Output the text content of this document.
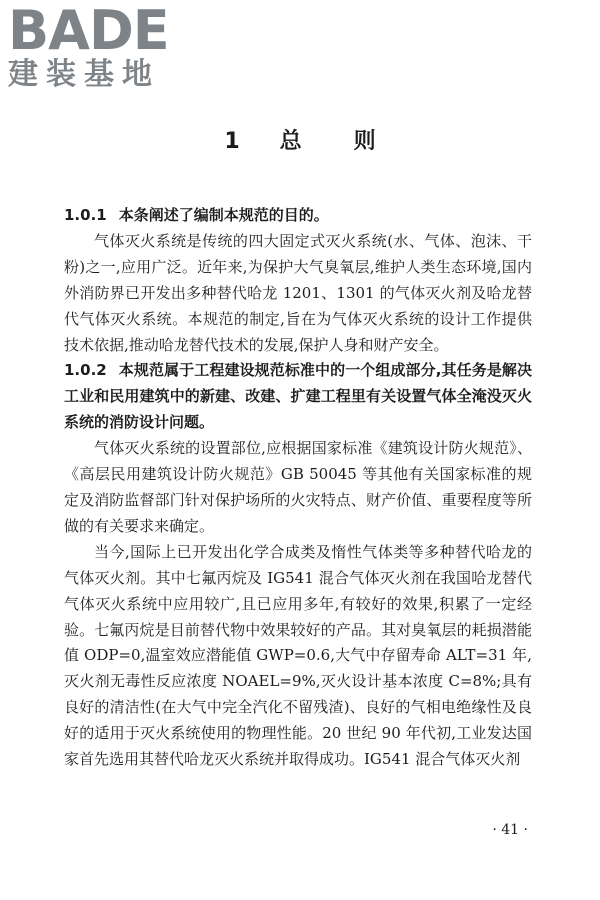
BADE
建装基地
1 总 则

1.0.1 本条阐述了编制本规范的目的。

气体灭火系统是传统的四大固定式灭火系统(水、气体、泡沫、干粉)之一,应用广泛。近年来,为保护大气臭氧层,维护人类生态环境,国内外消防界已开发出多种替代哈龙 1201、1301 的气体灭火剂及哈龙替代气体灭火系统。本规范的制定,旨在为气体灭火系统的设计工作提供技术依据,推动哈龙替代技术的发展,保护人身和财产安全。

1.0.2 本规范属于工程建设规范标准中的一个组成部分,其任务是解决工业和民用建筑中的新建、改建、扩建工程里有关设置气体全淹没灭火系统的消防设计问题。

气体灭火系统的设置部位,应根据国家标准《建筑设计防火规范》、《高层民用建筑设计防火规范》GB 50045 等其他有关国家标准的规定及消防监督部门针对保护场所的火灾特点、财产价值、重要程度等所做的有关要求来确定。

当今,国际上已开发出化学合成类及惰性气体类等多种替代哈龙的气体灭火剂。其中七氟丙烷及 IG541 混合气体灭火剂在我国哈龙替代气体灭火系统中应用较广,且已应用多年,有较好的效果,积累了一定经验。七氟丙烷是目前替代物中效果较好的产品。其对臭氧层的耗损潜能值 ODP=0,温室效应潜能值 GWP=0.6,大气中存留寿命 ALT=31 年,灭火剂无毒性反应浓度 NOAEL=9%,灭火设计基本浓度 C=8%;具有良好的清洁性(在大气中完全汽化不留残渣)、良好的气相电绝缘性及良好的适用于灭火系统使用的物理性能。20 世纪 90 年代初,工业发达国家首先选用其替代哈龙灭火系统并取得成功。IG541 混合气体灭火剂

· 41 ·
